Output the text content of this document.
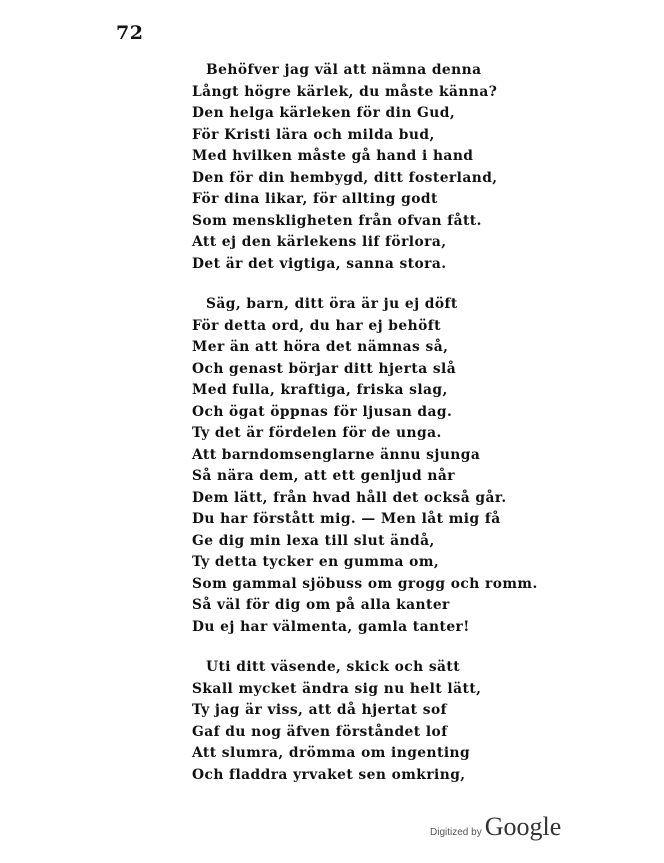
72
Behöfver jag väl att nämna denna
Långt högre kärlek, du måste känna?
Den helga kärleken för din Gud,
För Kristi lära och milda bud,
Med hvilken måste gå hand i hand
Den för din hembygd, ditt fosterland,
För dina likar, för allting godt
Som menskligheten från ofvan fått.
Att ej den kärlekens lif förlora,
Det är det vigtiga, sanna stora.
Säg, barn, ditt öra är ju ej döft
För detta ord, du har ej behöft
Mer än att höra det nämnas så,
Och genast börjar ditt hjerta slå
Med fulla, kraftiga, friska slag,
Och ögat öppnas för ljusan dag.
Ty det är fördelen för de unga.
Att barndomsenglarne ännu sjunga
Så nära dem, att ett genljud når
Dem lätt, från hvad håll det också går.
Du har förstått mig. — Men låt mig få
Ge dig min lexa till slut ändå,
Ty detta tycker en gumma om,
Som gammal sjöbuss om grogg och romm.
Så väl för dig om på alla kanter
Du ej har välmenta, gamla tanter!
Uti ditt väsende, skick och sätt
Skall mycket ändra sig nu helt lätt,
Ty jag är viss, att då hjertat sof
Gaf du nog äfven förståndet lof
Att slumra, drömma om ingenting
Och fladdra yrvaket sen omkring,
Digitized by Google
